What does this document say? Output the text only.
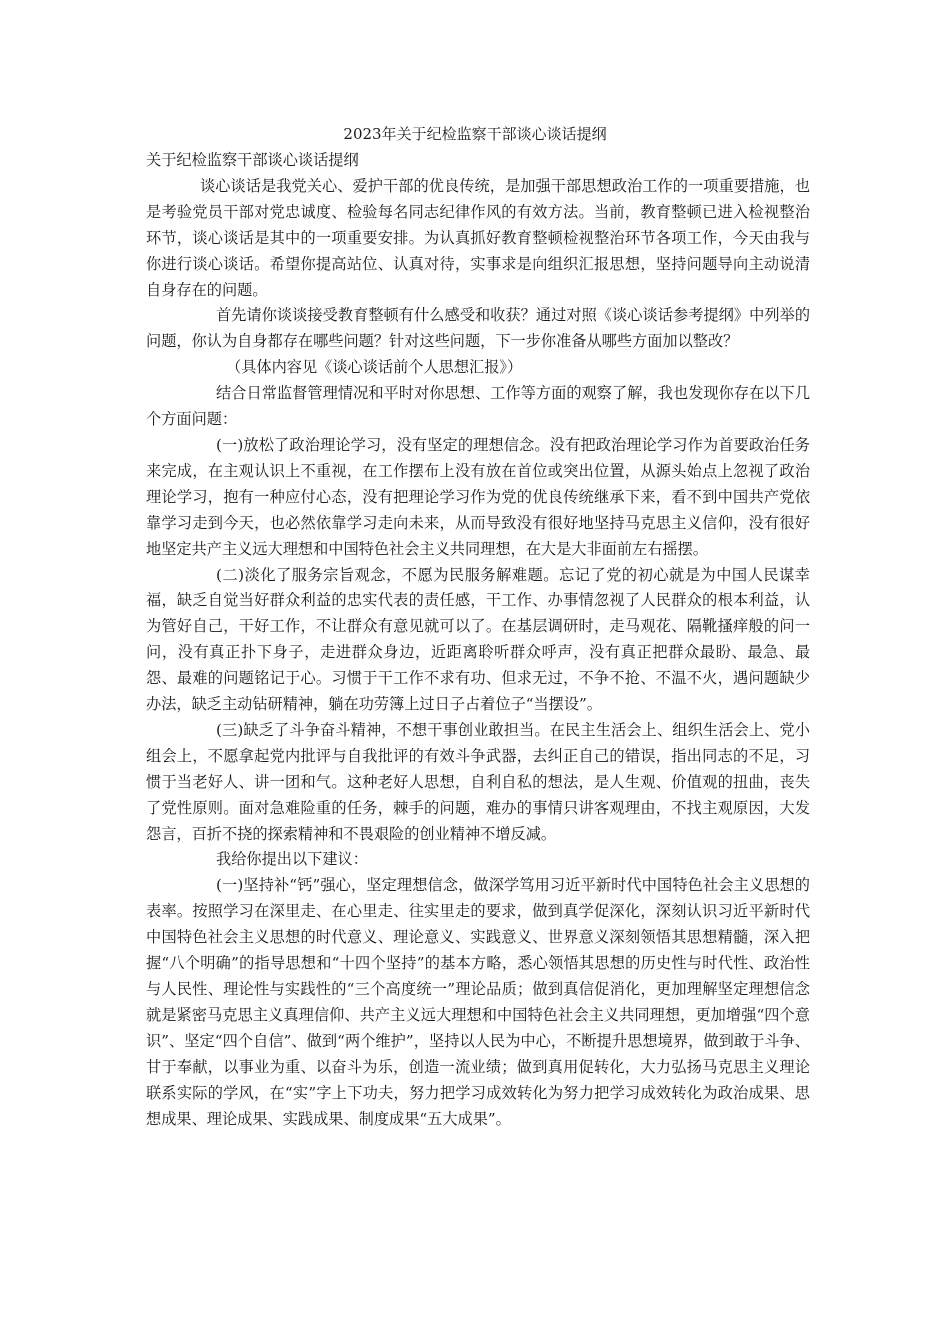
2023年关于纪检监察干部谈心谈话提纲

关于纪检监察干部谈心谈话提纲

谈心谈话是我党关心、爱护干部的优良传统，是加强干部思想政治工作的一项重要措施，也是考验党员干部对党忠诚度、检验每名同志纪律作风的有效方法。当前，教育整顿已进入检视整治环节，谈心谈话是其中的一项重要安排。为认真抓好教育整顿检视整治环节各项工作，今天由我与你进行谈心谈话。希望你提高站位、认真对待，实事求是向组织汇报思想，坚持问题导向主动说清自身存在的问题。

首先请你谈谈接受教育整顿有什么感受和收获？通过对照《谈心谈话参考提纲》中列举的问题，你认为自身都存在哪些问题？针对这些问题，下一步你准备从哪些方面加以整改？

（具体内容见《谈心谈话前个人思想汇报》）

结合日常监督管理情况和平时对你思想、工作等方面的观察了解，我也发现你存在以下几个方面问题：

(一)放松了政治理论学习，没有坚定的理想信念。没有把政治理论学习作为首要政治任务来完成，在主观认识上不重视，在工作摆布上没有放在首位或突出位置，从源头始点上忽视了政治理论学习，抱有一种应付心态，没有把理论学习作为党的优良传统继承下来，看不到中国共产党依靠学习走到今天，也必然依靠学习走向未来，从而导致没有很好地坚持马克思主义信仰，没有很好地坚定共产主义远大理想和中国特色社会主义共同理想，在大是大非面前左右摇摆。

(二)淡化了服务宗旨观念，不愿为民服务解难题。忘记了党的初心就是为中国人民谋幸福，缺乏自觉当好群众利益的忠实代表的责任感，干工作、办事情忽视了人民群众的根本利益，认为管好自己，干好工作，不让群众有意见就可以了。在基层调研时，走马观花、隔靴搔痒般的问一问，没有真正扑下身子，走进群众身边，近距离聆听群众呼声，没有真正把群众最盼、最急、最怨、最难的问题铭记于心。习惯于干工作不求有功、但求无过，不争不抢、不温不火，遇问题缺少办法，缺乏主动钻研精神，躺在功劳簿上过日子占着位子“当摆设”。

(三)缺乏了斗争奋斗精神，不想干事创业敢担当。在民主生活会上、组织生活会上、党小组会上，不愿拿起党内批评与自我批评的有效斗争武器，去纠正自己的错误，指出同志的不足，习惯于当老好人、讲一团和气。这种老好人思想，自利自私的想法，是人生观、价值观的扭曲，丧失了党性原则。面对急难险重的任务，棘手的问题，难办的事情只讲客观理由，不找主观原因，大发怨言，百折不挠的探索精神和不畏艰险的创业精神不增反减。

我给你提出以下建议：

(一)坚持补“钙”强心，坚定理想信念，做深学笃用习近平新时代中国特色社会主义思想的表率。按照学习在深里走、在心里走、往实里走的要求，做到真学促深化，深刻认识习近平新时代中国特色社会主义思想的时代意义、理论意义、实践意义、世界意义深刻领悟其思想精髓，深入把握“八个明确”的指导思想和“十四个坚持”的基本方略，悉心领悟其思想的历史性与时代性、政治性与人民性、理论性与实践性的“三个高度统一”理论品质；做到真信促消化，更加理解坚定理想信念就是紧密马克思主义真理信仰、共产主义远大理想和中国特色社会主义共同理想，更加增强“四个意识”、坚定“四个自信”、做到“两个维护”，坚持以人民为中心，不断提升思想境界，做到敢于斗争、甘于奉献，以事业为重、以奋斗为乐，创造一流业绩；做到真用促转化，大力弘扬马克思主义理论联系实际的学风，在“实”字上下功夫，努力把学习成效转化为努力把学习成效转化为政治成果、思想成果、理论成果、实践成果、制度成果“五大成果”。
